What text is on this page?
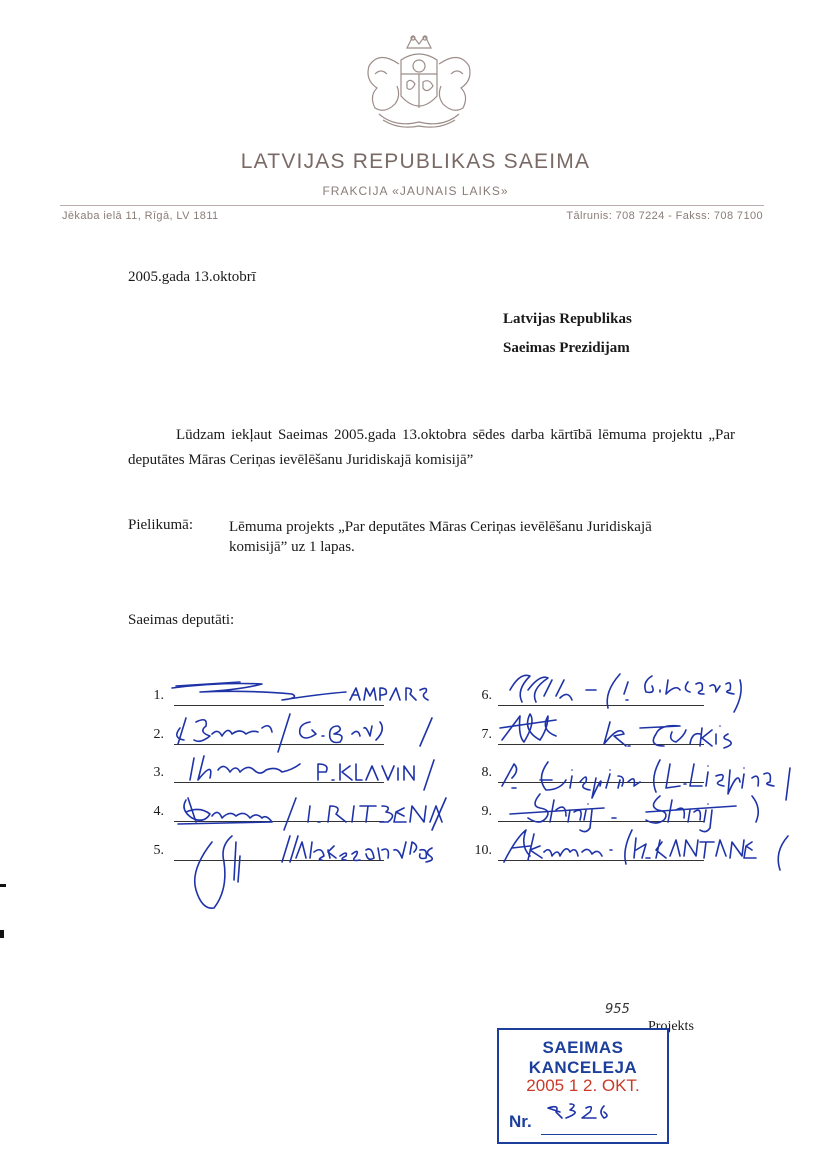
LATVIJAS REPUBLIKAS SAEIMA
FRAKCIJA «JAUNAIS LAIKS»
Jēkaba ielā 11, Rīgā, LV 1811	Tālrunis: 708 7224 - Fakss: 708 7100
2005.gada 13.oktobrī
Latvijas Republikas
Saeimas Prezidijam
Lūdzam iekļaut Saeimas 2005.gada 13.oktobra sēdes darba kārtībā lēmuma projektu „Par deputātes Māras Ceriņas ievēlēšanu Juridiskajā komisijā”
Pielikumā: Lēmuma projekts „Par deputātes Māras Ceriņas ievēlēšanu Juridiskajā komisijā” uz 1 lapas.
Saeimas deputāti:
1.
2.
3.
4.
5.
6.
7.
8.
9.
10.
955
Projekts
SAEIMAS KANCELEJA
2005 1 2. OKT.
Nr.
